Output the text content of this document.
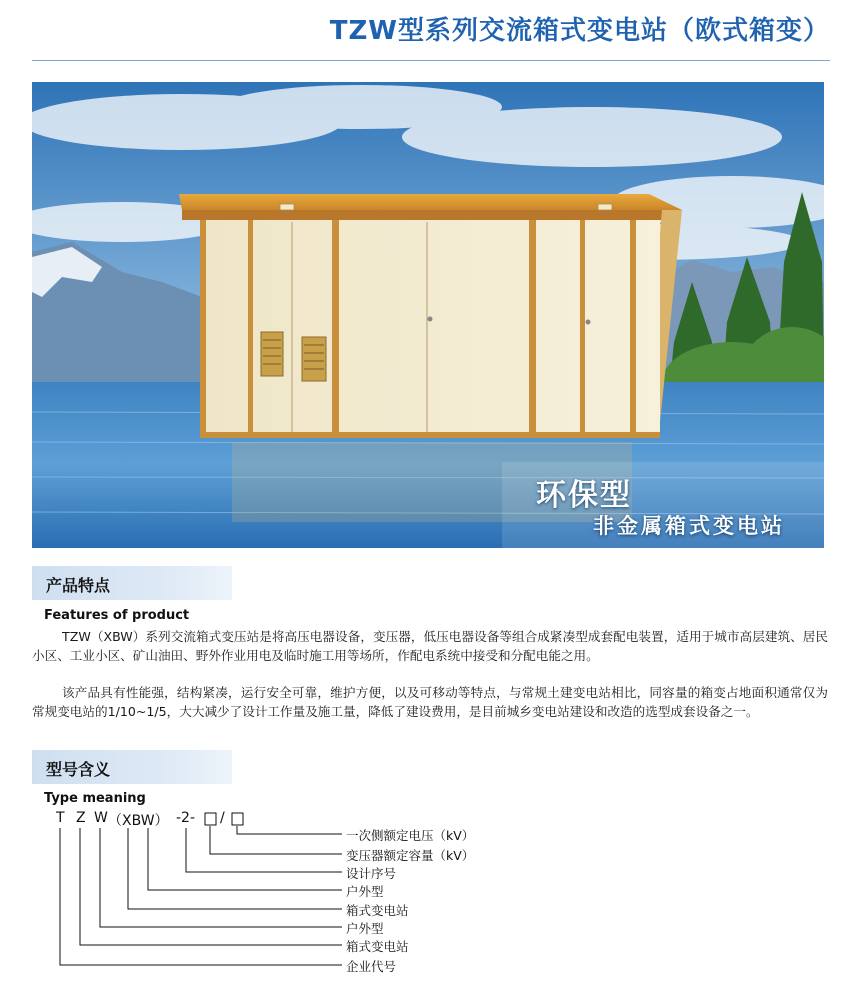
TZW型系列交流箱式变电站（欧式箱变）
环保型
非金属箱式变电站
产品特点
Features of product

TZW（XBW）系列交流箱式变压站是将高压电器设备，变压器，低压电器设备等组合成紧凑型成套配电装置，适用于城市高层建筑、居民小区、工业小区、矿山油田、野外作业用电及临时施工用等场所，作配电系统中接受和分配电能之用。

该产品具有性能强，结构紧凑，运行安全可靠，维护方便，以及可移动等特点，与常规土建变电站相比，同容量的箱变占地面积通常仅为常规变电站的1/10~1/5，大大减少了设计工作量及施工量，降低了建设费用，是目前城乡变电站建设和改造的选型成套设备之一。

型号含义
Type meaning
T Z W （XBW） -2- /
一次侧额定电压（kV）
变压器额定容量（kV）
设计序号
户外型
箱式变电站
户外型
箱式变电站
企业代号
